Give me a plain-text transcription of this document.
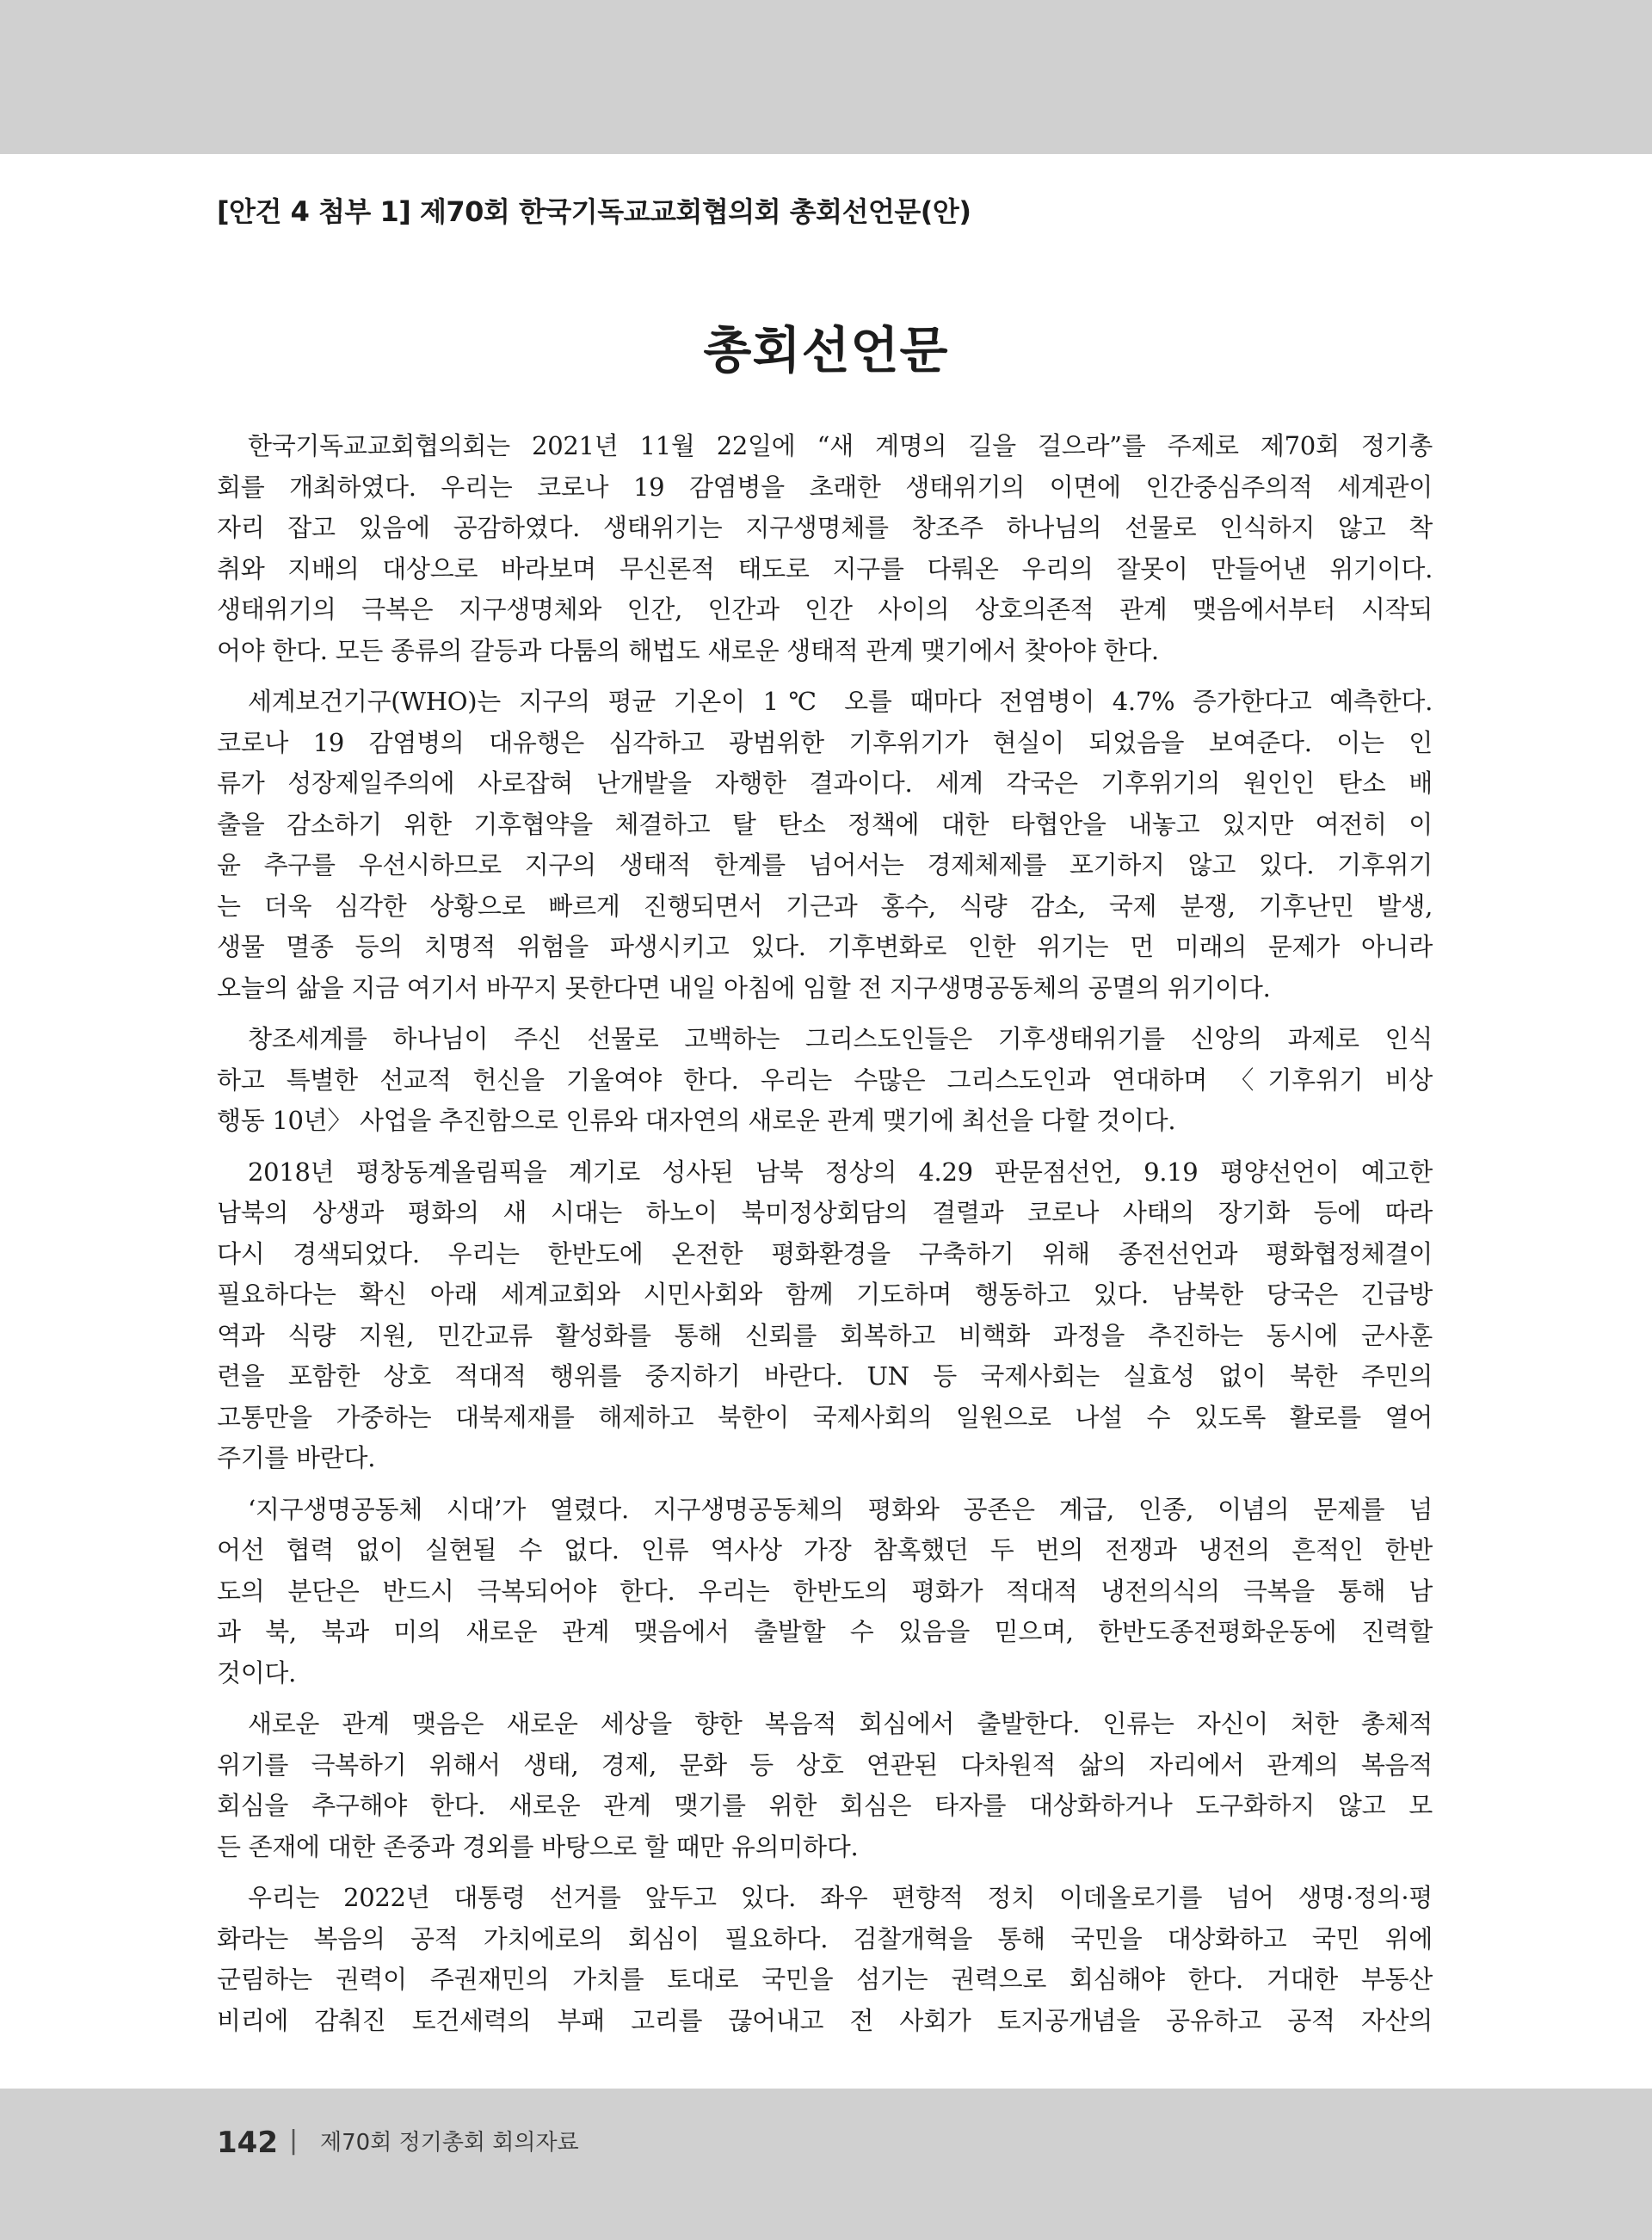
[안건 4 첨부 1] 제70회 한국기독교교회협의회 총회선언문(안)
총회선언문
한국기독교교회협의회는 2021년 11월 22일에 “새 계명의 길을 걸으라”를 주제로 제70회 정기총
회를 개최하였다. 우리는 코로나 19 감염병을 초래한 생태위기의 이면에 인간중심주의적 세계관이
자리 잡고 있음에 공감하였다. 생태위기는 지구생명체를 창조주 하나님의 선물로 인식하지 않고 착
취와 지배의 대상으로 바라보며 무신론적 태도로 지구를 다뤄온 우리의 잘못이 만들어낸 위기이다.
생태위기의 극복은 지구생명체와 인간, 인간과 인간 사이의 상호의존적 관계 맺음에서부터 시작되
어야 한다. 모든 종류의 갈등과 다툼의 해법도 새로운 생태적 관계 맺기에서 찾아야 한다.
세계보건기구(WHO)는 지구의 평균 기온이 1℃ 오를 때마다 전염병이 4.7% 증가한다고 예측한다.
코로나 19 감염병의 대유행은 심각하고 광범위한 기후위기가 현실이 되었음을 보여준다. 이는 인
류가 성장제일주의에 사로잡혀 난개발을 자행한 결과이다. 세계 각국은 기후위기의 원인인 탄소 배
출을 감소하기 위한 기후협약을 체결하고 탈 탄소 정책에 대한 타협안을 내놓고 있지만 여전히 이
윤 추구를 우선시하므로 지구의 생태적 한계를 넘어서는 경제체제를 포기하지 않고 있다. 기후위기
는 더욱 심각한 상황으로 빠르게 진행되면서 기근과 홍수, 식량 감소, 국제 분쟁, 기후난민 발생,
생물 멸종 등의 치명적 위험을 파생시키고 있다. 기후변화로 인한 위기는 먼 미래의 문제가 아니라
오늘의 삶을 지금 여기서 바꾸지 못한다면 내일 아침에 임할 전 지구생명공동체의 공멸의 위기이다.
창조세계를 하나님이 주신 선물로 고백하는 그리스도인들은 기후생태위기를 신앙의 과제로 인식
하고 특별한 선교적 헌신을 기울여야 한다. 우리는 수많은 그리스도인과 연대하며 〈기후위기 비상
행동 10년〉 사업을 추진함으로 인류와 대자연의 새로운 관계 맺기에 최선을 다할 것이다.
2018년 평창동계올림픽을 계기로 성사된 남북 정상의 4.29 판문점선언, 9.19 평양선언이 예고한
남북의 상생과 평화의 새 시대는 하노이 북미정상회담의 결렬과 코로나 사태의 장기화 등에 따라
다시 경색되었다. 우리는 한반도에 온전한 평화환경을 구축하기 위해 종전선언과 평화협정체결이
필요하다는 확신 아래 세계교회와 시민사회와 함께 기도하며 행동하고 있다. 남북한 당국은 긴급방
역과 식량 지원, 민간교류 활성화를 통해 신뢰를 회복하고 비핵화 과정을 추진하는 동시에 군사훈
련을 포함한 상호 적대적 행위를 중지하기 바란다. UN 등 국제사회는 실효성 없이 북한 주민의
고통만을 가중하는 대북제재를 해제하고 북한이 국제사회의 일원으로 나설 수 있도록 활로를 열어
주기를 바란다.
‘지구생명공동체 시대’가 열렸다. 지구생명공동체의 평화와 공존은 계급, 인종, 이념의 문제를 넘
어선 협력 없이 실현될 수 없다. 인류 역사상 가장 참혹했던 두 번의 전쟁과 냉전의 흔적인 한반
도의 분단은 반드시 극복되어야 한다. 우리는 한반도의 평화가 적대적 냉전의식의 극복을 통해 남
과 북, 북과 미의 새로운 관계 맺음에서 출발할 수 있음을 믿으며, 한반도종전평화운동에 진력할
것이다.
새로운 관계 맺음은 새로운 세상을 향한 복음적 회심에서 출발한다. 인류는 자신이 처한 총체적
위기를 극복하기 위해서 생태, 경제, 문화 등 상호 연관된 다차원적 삶의 자리에서 관계의 복음적
회심을 추구해야 한다. 새로운 관계 맺기를 위한 회심은 타자를 대상화하거나 도구화하지 않고 모
든 존재에 대한 존중과 경외를 바탕으로 할 때만 유의미하다.
우리는 2022년 대통령 선거를 앞두고 있다. 좌우 편향적 정치 이데올로기를 넘어 생명·정의·평
화라는 복음의 공적 가치에로의 회심이 필요하다. 검찰개혁을 통해 국민을 대상화하고 국민 위에
군림하는 권력이 주권재민의 가치를 토대로 국민을 섬기는 권력으로 회심해야 한다. 거대한 부동산
비리에 감춰진 토건세력의 부패 고리를 끊어내고 전 사회가 토지공개념을 공유하고 공적 자산의
142 | 제70회 정기총회 회의자료
